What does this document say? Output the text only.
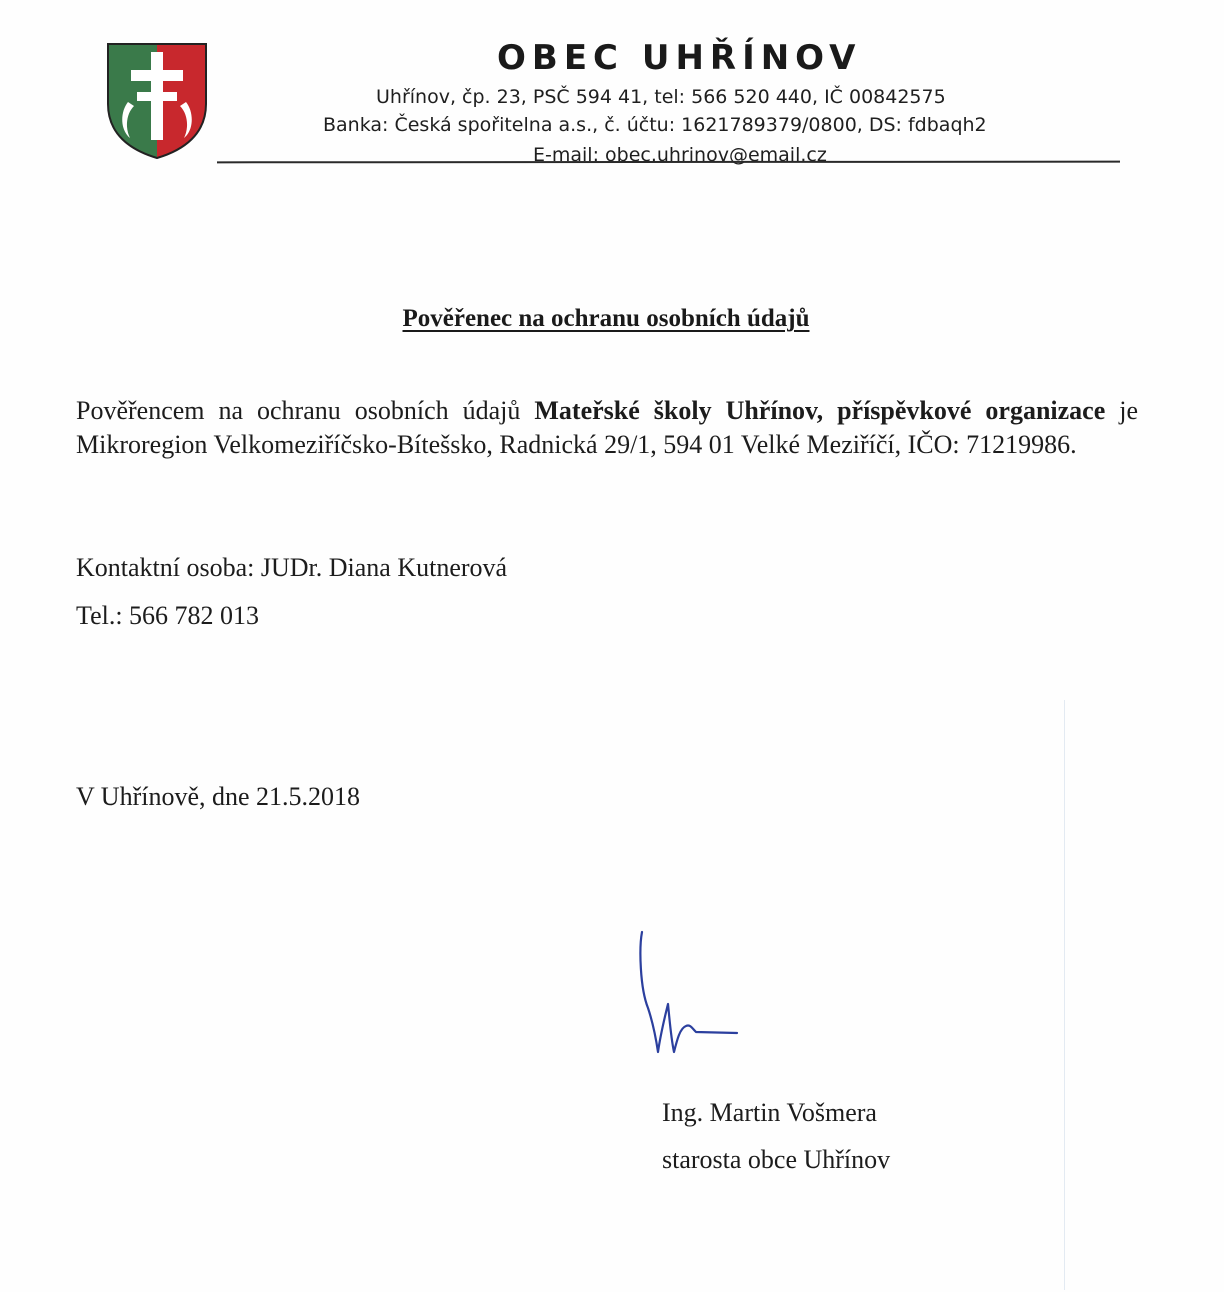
OBEC UHŘÍNOV
Uhřínov, čp. 23, PSČ 594 41, tel: 566 520 440, IČ 00842575
Banka: Česká spořitelna a.s., č. účtu: 1621789379/0800, DS: fdbaqh2
E-mail: obec.uhrinov@email.cz
Pověřenec na ochranu osobních údajů
Pověřencem na ochranu osobních údajů Mateřské školy Uhřínov, příspěvkové organizace je Mikroregion Velkomeziříčsko-Bítešsko, Radnická 29/1, 594 01 Velké Meziříčí, IČO: 71219986.
Kontaktní osoba: JUDr. Diana Kutnerová
Tel.: 566 782 013
V Uhřínově, dne 21.5.2018
Ing. Martin Vošmera
starosta obce Uhřínov
